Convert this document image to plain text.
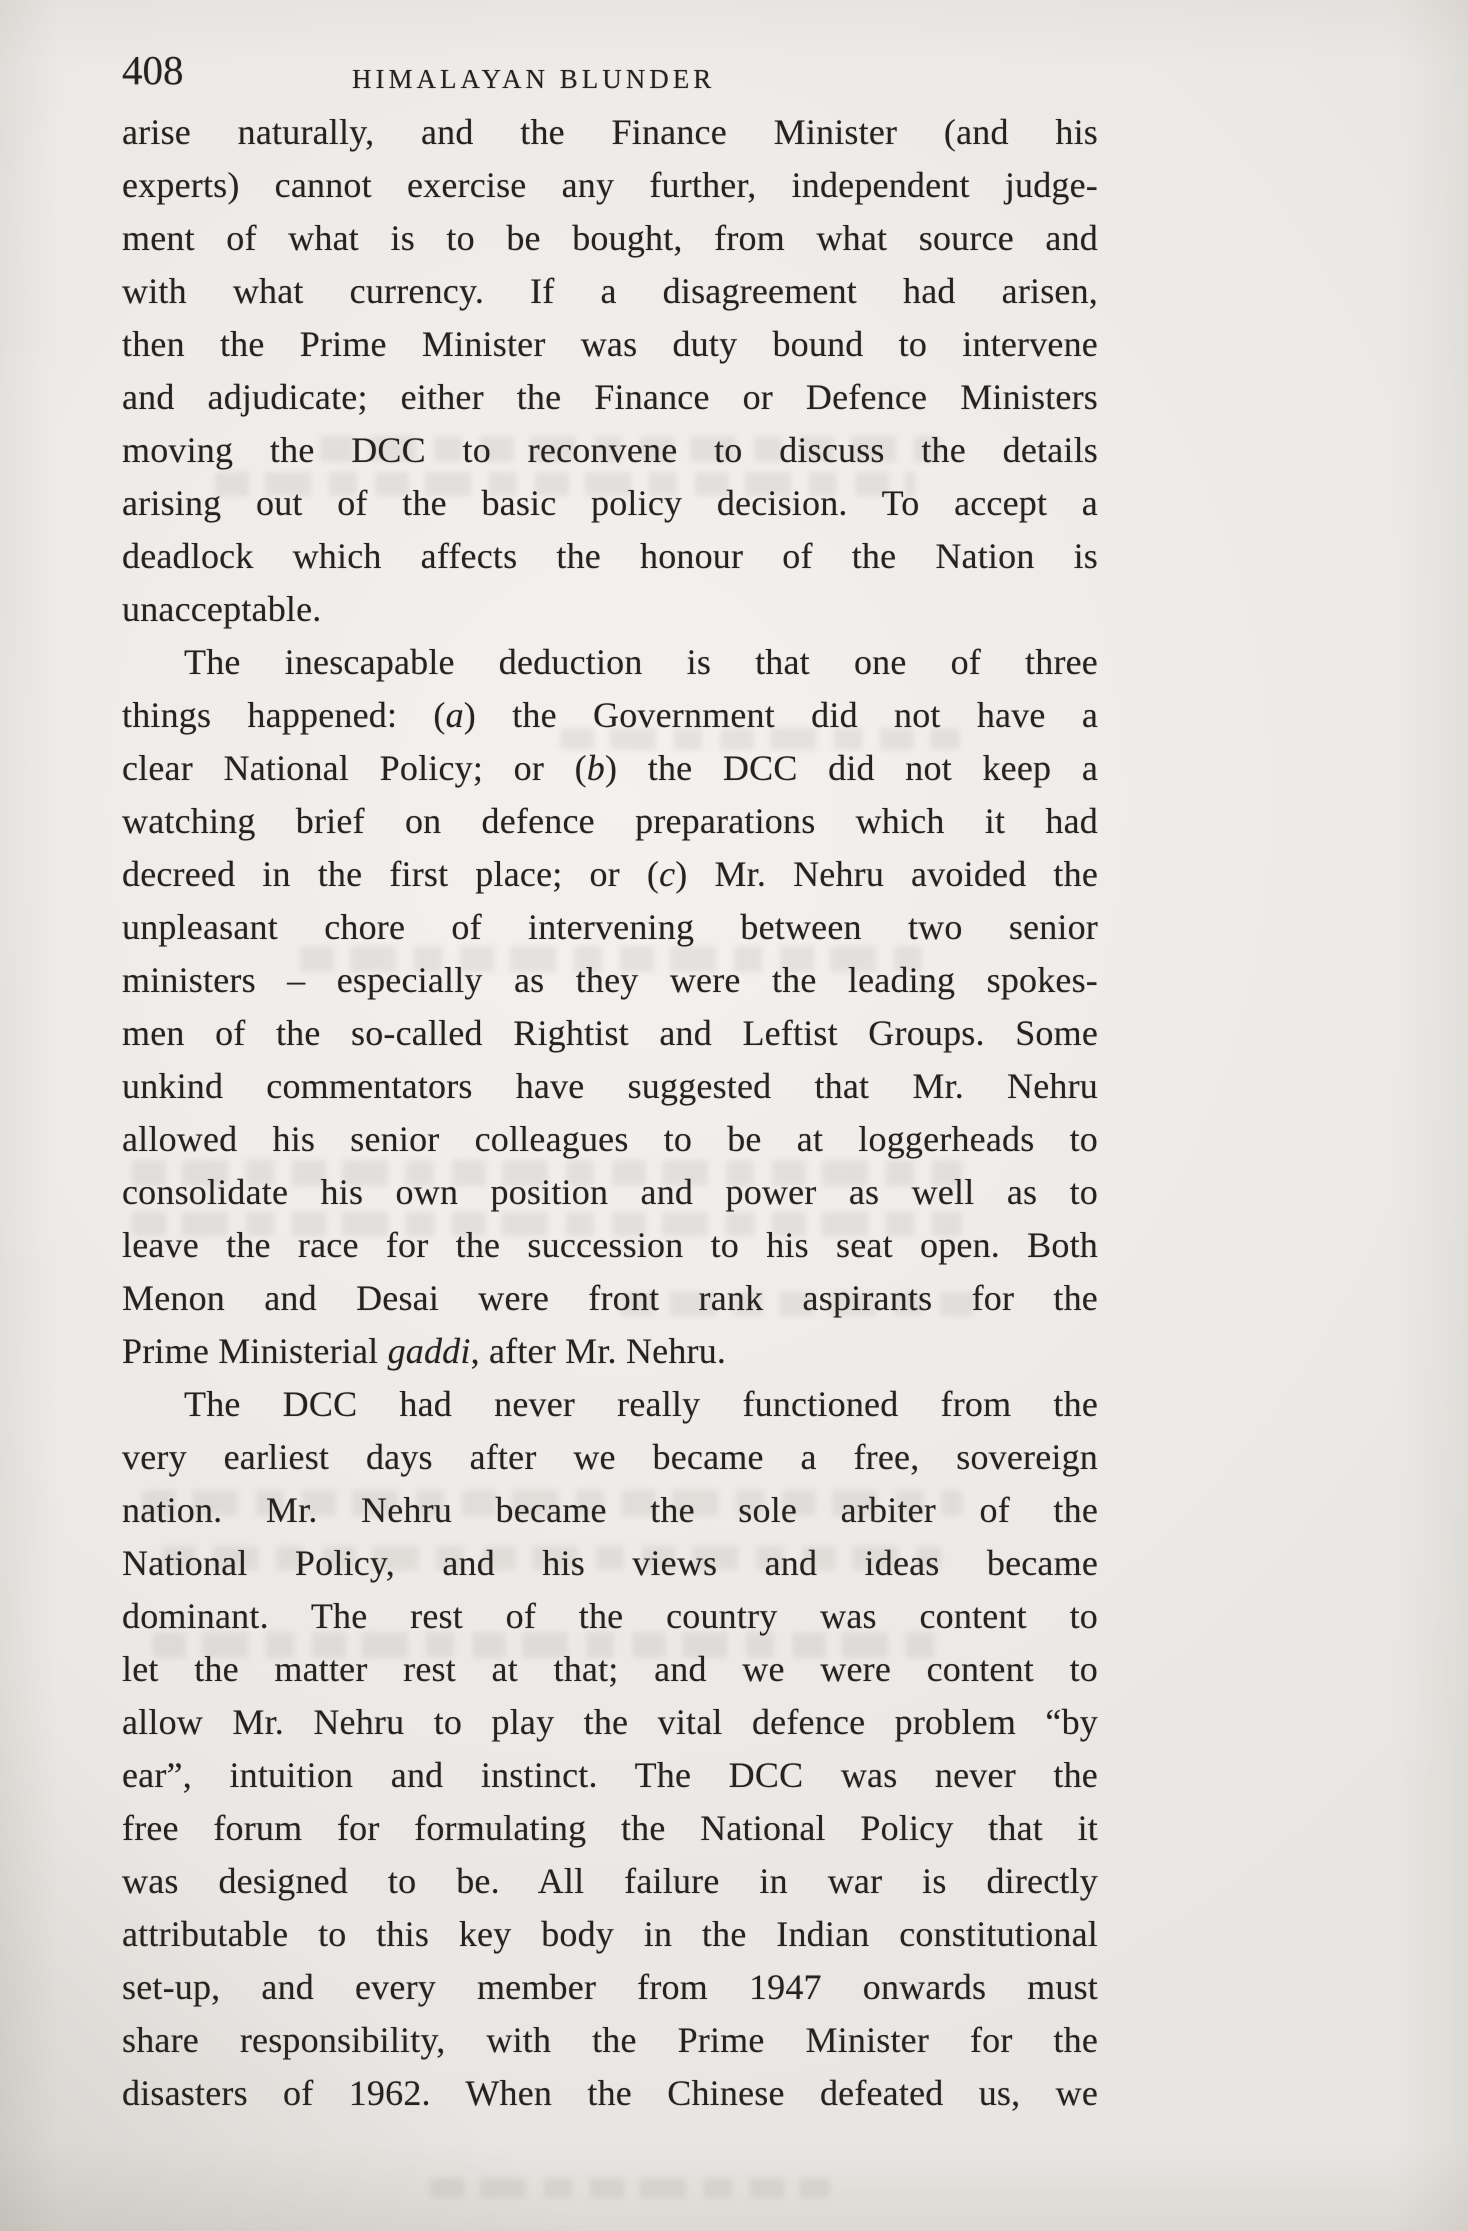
408	HIMALAYAN BLUNDER
arise naturally, and the Finance Minister (and his
experts) cannot exercise any further, independent judge-
ment of what is to be bought, from what source and
with what currency. If a disagreement had arisen,
then the Prime Minister was duty bound to intervene
and adjudicate; either the Finance or Defence Ministers
moving the DCC to reconvene to discuss the details
arising out of the basic policy decision. To accept a
deadlock which affects the honour of the Nation is
unacceptable.
The inescapable deduction is that one of three
things happened: (a) the Government did not have a
clear National Policy; or (b) the DCC did not keep a
watching brief on defence preparations which it had
decreed in the first place; or (c) Mr. Nehru avoided the
unpleasant chore of intervening between two senior
ministers – especially as they were the leading spokes-
men of the so-called Rightist and Leftist Groups. Some
unkind commentators have suggested that Mr. Nehru
allowed his senior colleagues to be at loggerheads to
consolidate his own position and power as well as to
leave the race for the succession to his seat open. Both
Menon and Desai were front rank aspirants for the
Prime Ministerial gaddi, after Mr. Nehru.
The DCC had never really functioned from the
very earliest days after we became a free, sovereign
nation. Mr. Nehru became the sole arbiter of the
National Policy, and his views and ideas became
dominant. The rest of the country was content to
let the matter rest at that; and we were content to
allow Mr. Nehru to play the vital defence problem “by
ear”, intuition and instinct. The DCC was never the
free forum for formulating the National Policy that it
was designed to be. All failure in war is directly
attributable to this key body in the Indian constitutional
set-up, and every member from 1947 onwards must
share responsibility, with the Prime Minister for the
disasters of 1962. When the Chinese defeated us, we
